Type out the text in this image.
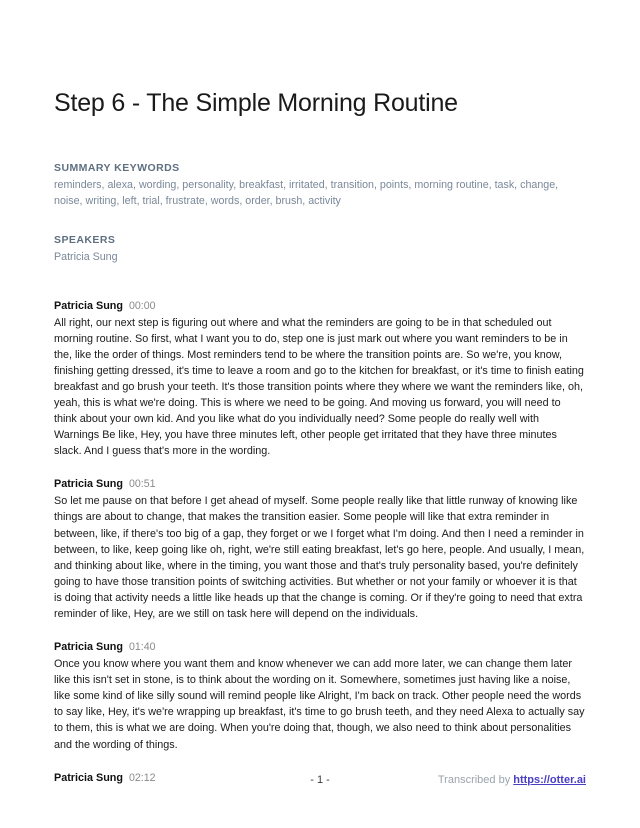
Step 6 - The Simple Morning Routine
SUMMARY KEYWORDS

reminders, alexa, wording, personality, breakfast, irritated, transition, points, morning routine, task, change, noise, writing, left, trial, frustrate, words, order, brush, activity

SPEAKERS

Patricia Sung

Patricia Sung 00:00

All right, our next step is figuring out where and what the reminders are going to be in that scheduled out morning routine. So first, what I want you to do, step one is just mark out where you want reminders to be in the, like the order of things. Most reminders tend to be where the transition points are. So we're, you know, finishing getting dressed, it's time to leave a room and go to the kitchen for breakfast, or it's time to finish eating breakfast and go brush your teeth. It's those transition points where they where we want the reminders like, oh, yeah, this is what we're doing. This is where we need to be going. And moving us forward, you will need to think about your own kid. And you like what do you individually need? Some people do really well with Warnings Be like, Hey, you have three minutes left, other people get irritated that they have three minutes slack. And I guess that's more in the wording.

Patricia Sung 00:51

So let me pause on that before I get ahead of myself. Some people really like that little runway of knowing like things are about to change, that makes the transition easier. Some people will like that extra reminder in between, like, if there's too big of a gap, they forget or we I forget what I'm doing. And then I need a reminder in between, to like, keep going like oh, right, we're still eating breakfast, let's go here, people. And usually, I mean, and thinking about like, where in the timing, you want those and that's truly personality based, you're definitely going to have those transition points of switching activities. But whether or not your family or whoever it is that is doing that activity needs a little like heads up that the change is coming. Or if they're going to need that extra reminder of like, Hey, are we still on task here will depend on the individuals.

Patricia Sung 01:40

Once you know where you want them and know whenever we can add more later, we can change them later like this isn't set in stone, is to think about the wording on it. Somewhere, sometimes just having like a noise, like some kind of like silly sound will remind people like Alright, I'm back on track. Other people need the words to say like, Hey, it's we're wrapping up breakfast, it's time to go brush teeth, and they need Alexa to actually say to them, this is what we are doing. When you're doing that, though, we also need to think about personalities and the wording of things.

Patricia Sung 02:12	- 1 -	Transcribed by https://otter.ai
